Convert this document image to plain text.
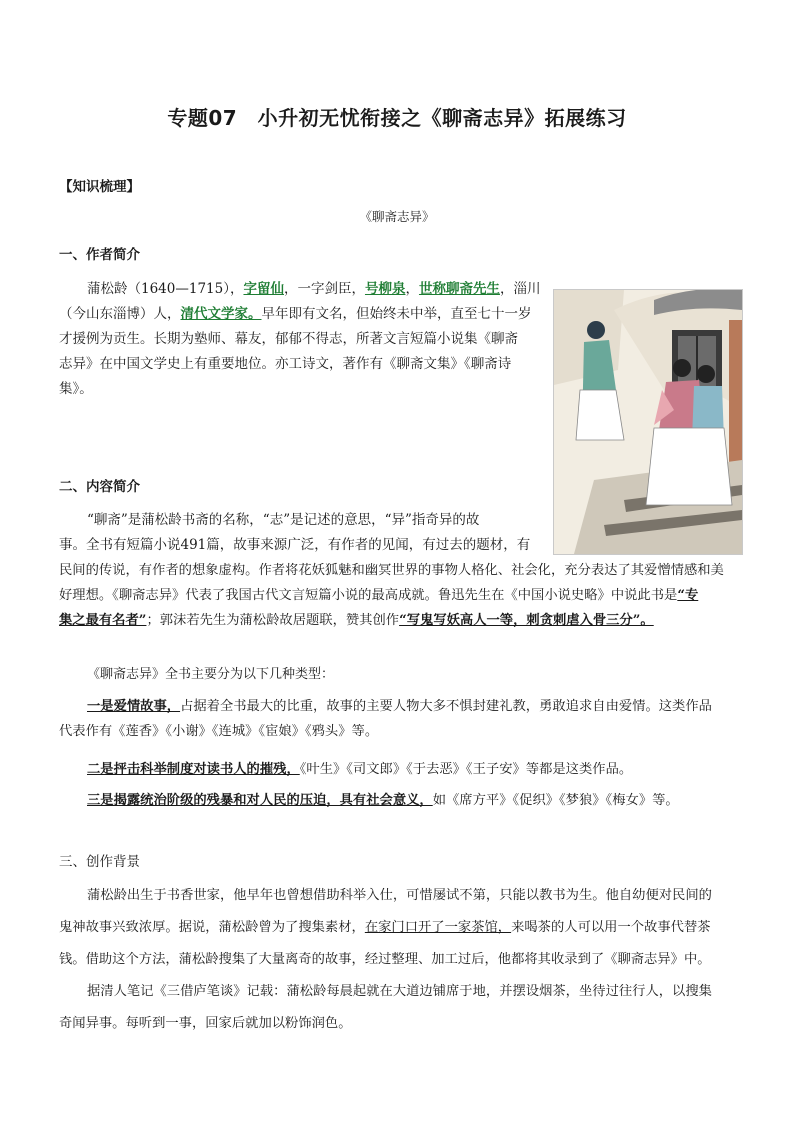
专题07　小升初无忧衔接之《聊斋志异》拓展练习
【知识梳理】
《聊斋志异》
一、作者简介
蒲松龄（1640—1715），字留仙，一字剑臣，号柳泉，世称聊斋先生，淄川
（今山东淄博）人，清代文学家。早年即有文名，但始终未中举，直至七十一岁
才援例为贡生。长期为塾师、幕友，郁郁不得志，所著文言短篇小说集《聊斋
志异》在中国文学史上有重要地位。亦工诗文，著作有《聊斋文集》《聊斋诗
集》。
二、内容简介
“聊斋”是蒲松龄书斋的名称，“志”是记述的意思，“异”指奇异的故
事。全书有短篇小说491篇，故事来源广泛，有作者的见闻，有过去的题材，有
民间的传说，有作者的想象虚构。作者将花妖狐魅和幽冥世界的事物人格化、社会化，充分表达了其爱憎情感和美
好理想。《聊斋志异》代表了我国古代文言短篇小说的最高成就。鲁迅先生在《中国小说史略》中说此书是“专
集之最有名者”；郭沫若先生为蒲松龄故居题联，赞其创作“写鬼写妖高人一等，刺贪刺虐入骨三分”。
《聊斋志异》全书主要分为以下几种类型：
一是爱情故事，占据着全书最大的比重，故事的主要人物大多不惧封建礼教，勇敢追求自由爱情。这类作品
代表作有《莲香》《小谢》《连城》《宦娘》《鸦头》等。
二是抨击科举制度对读书人的摧残，《叶生》《司文郎》《于去恶》《王子安》等都是这类作品。
三是揭露统治阶级的残暴和对人民的压迫，具有社会意义，如《席方平》《促织》《梦狼》《梅女》等。
三、创作背景
蒲松龄出生于书香世家，他早年也曾想借助科举入仕，可惜屡试不第，只能以教书为生。他自幼便对民间的
鬼神故事兴致浓厚。据说，蒲松龄曾为了搜集素材，在家门口开了一家茶馆，来喝茶的人可以用一个故事代替茶
钱。借助这个方法，蒲松龄搜集了大量离奇的故事，经过整理、加工过后，他都将其收录到了《聊斋志异》中。
据清人笔记《三借庐笔谈》记载：蒲松龄每晨起就在大道边铺席于地，并摆设烟茶，坐待过往行人，以搜集
奇闻异事。每听到一事，回家后就加以粉饰润色。
